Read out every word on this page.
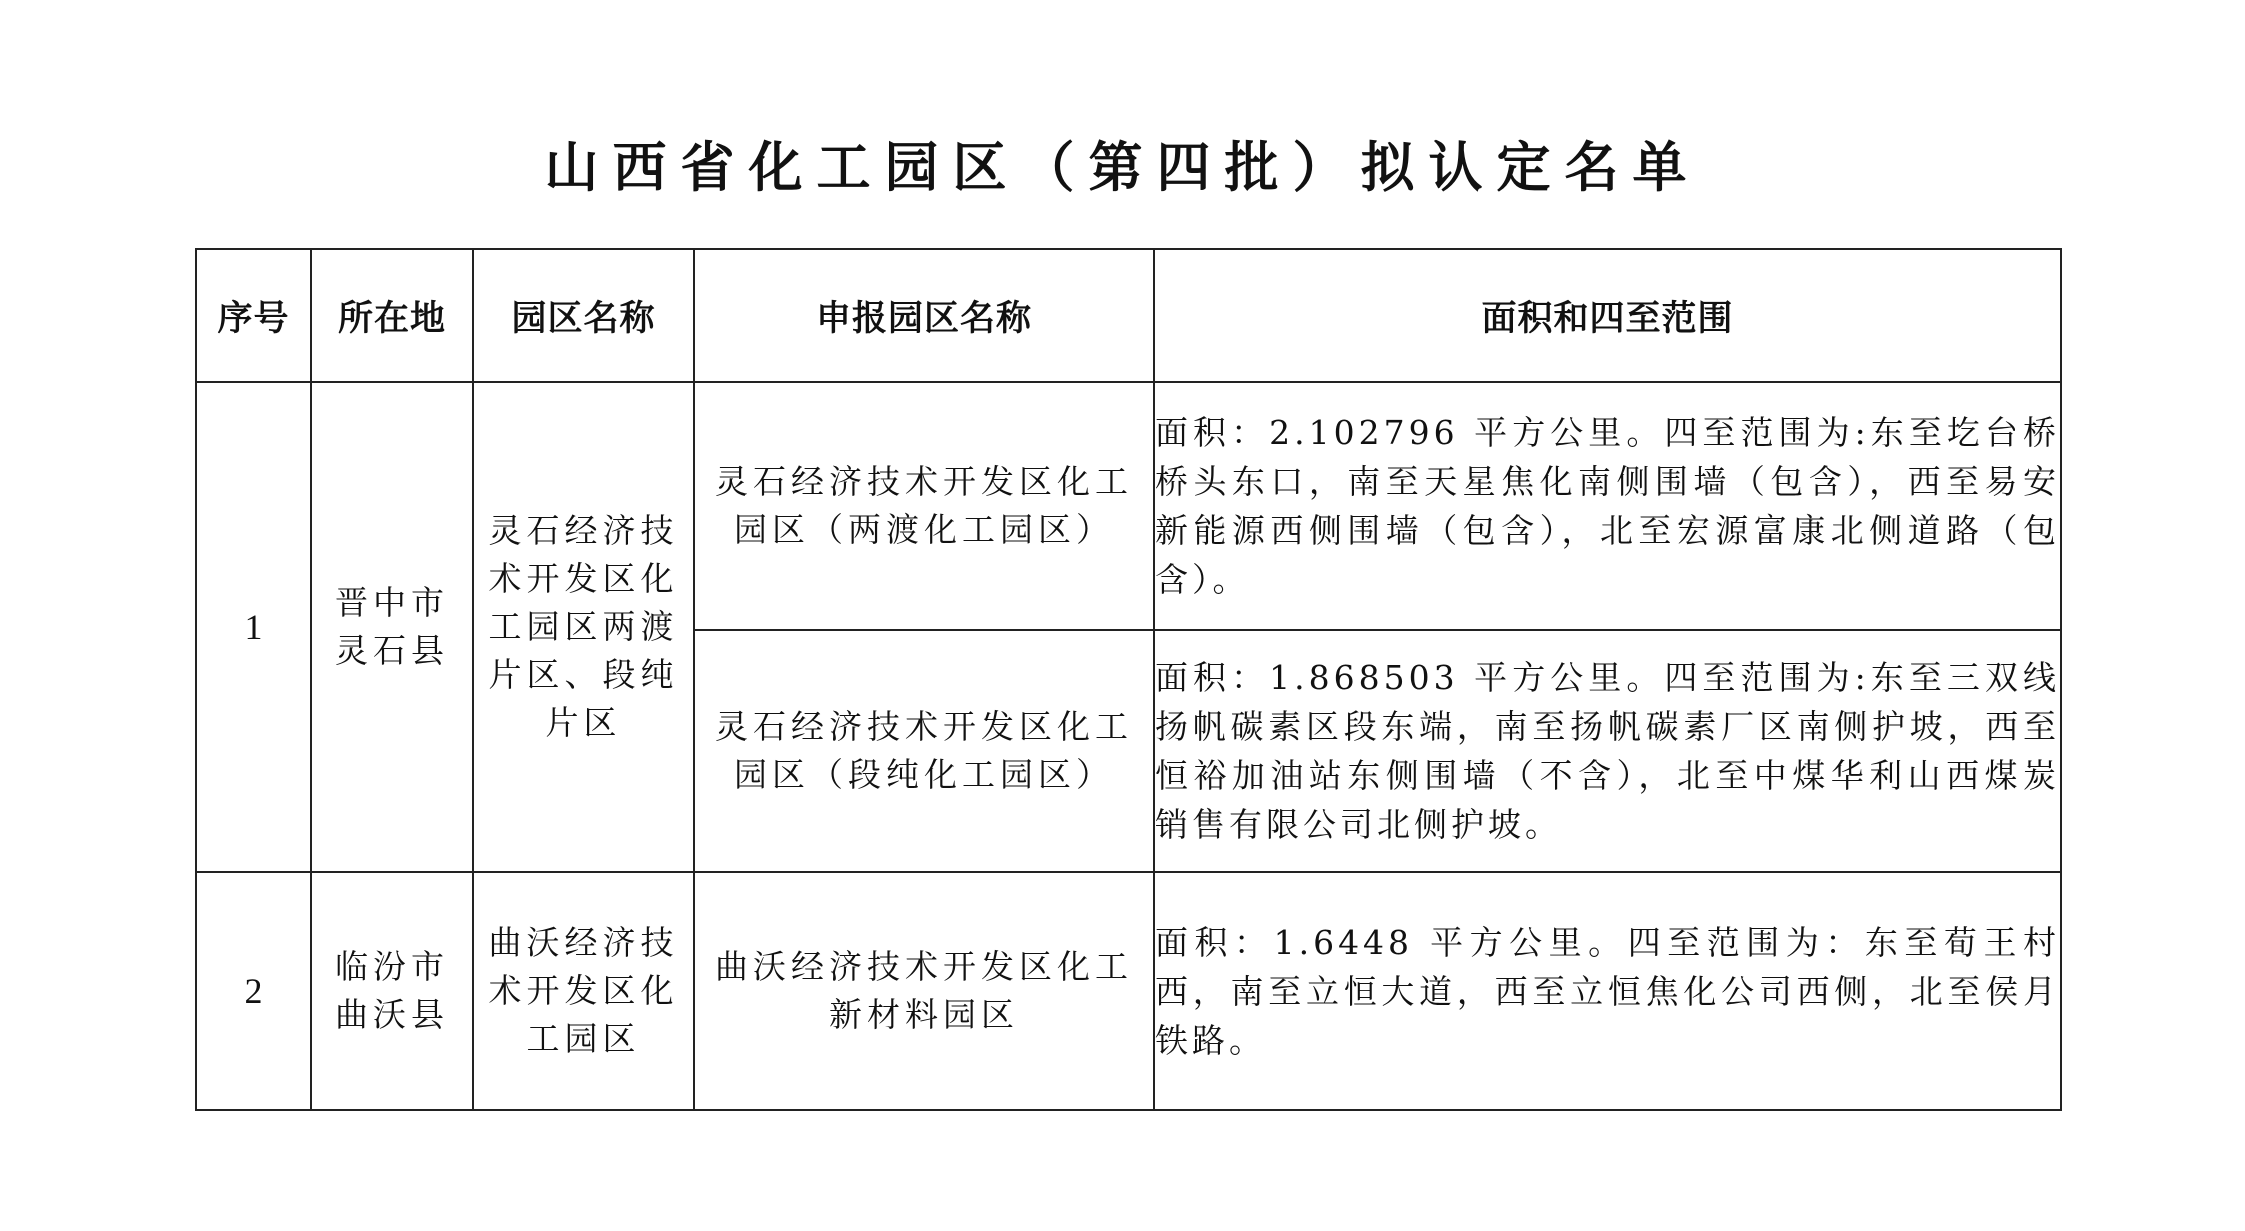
山西省化工园区（第四批）拟认定名单
序号	所在地	园区名称	申报园区名称	面积和四至范围
1	晋中市灵石县	灵石经济技术开发区化工园区两渡片区、段纯片区	灵石经济技术开发区化工园区（两渡化工园区）	面积：2.102796 平方公里。四至范围为:东至圪台桥桥头东口，南至天星焦化南侧围墙（包含），西至易安新能源西侧围墙（包含），北至宏源富康北侧道路（包含）。

			灵石经济技术开发区化工园区（段纯化工园区）	面积：1.868503 平方公里。四至范围为:东至三双线扬帆碳素区段东端，南至扬帆碳素厂区南侧护坡，西至恒裕加油站东侧围墙（不含），北至中煤华利山西煤炭销售有限公司北侧护坡。

2	临汾市曲沃县	曲沃经济技术开发区化工园区	曲沃经济技术开发区化工新材料园区	面积：1.6448 平方公里。四至范围为：东至荀王村西，南至立恒大道，西至立恒焦化公司西侧，北至侯月铁路。
